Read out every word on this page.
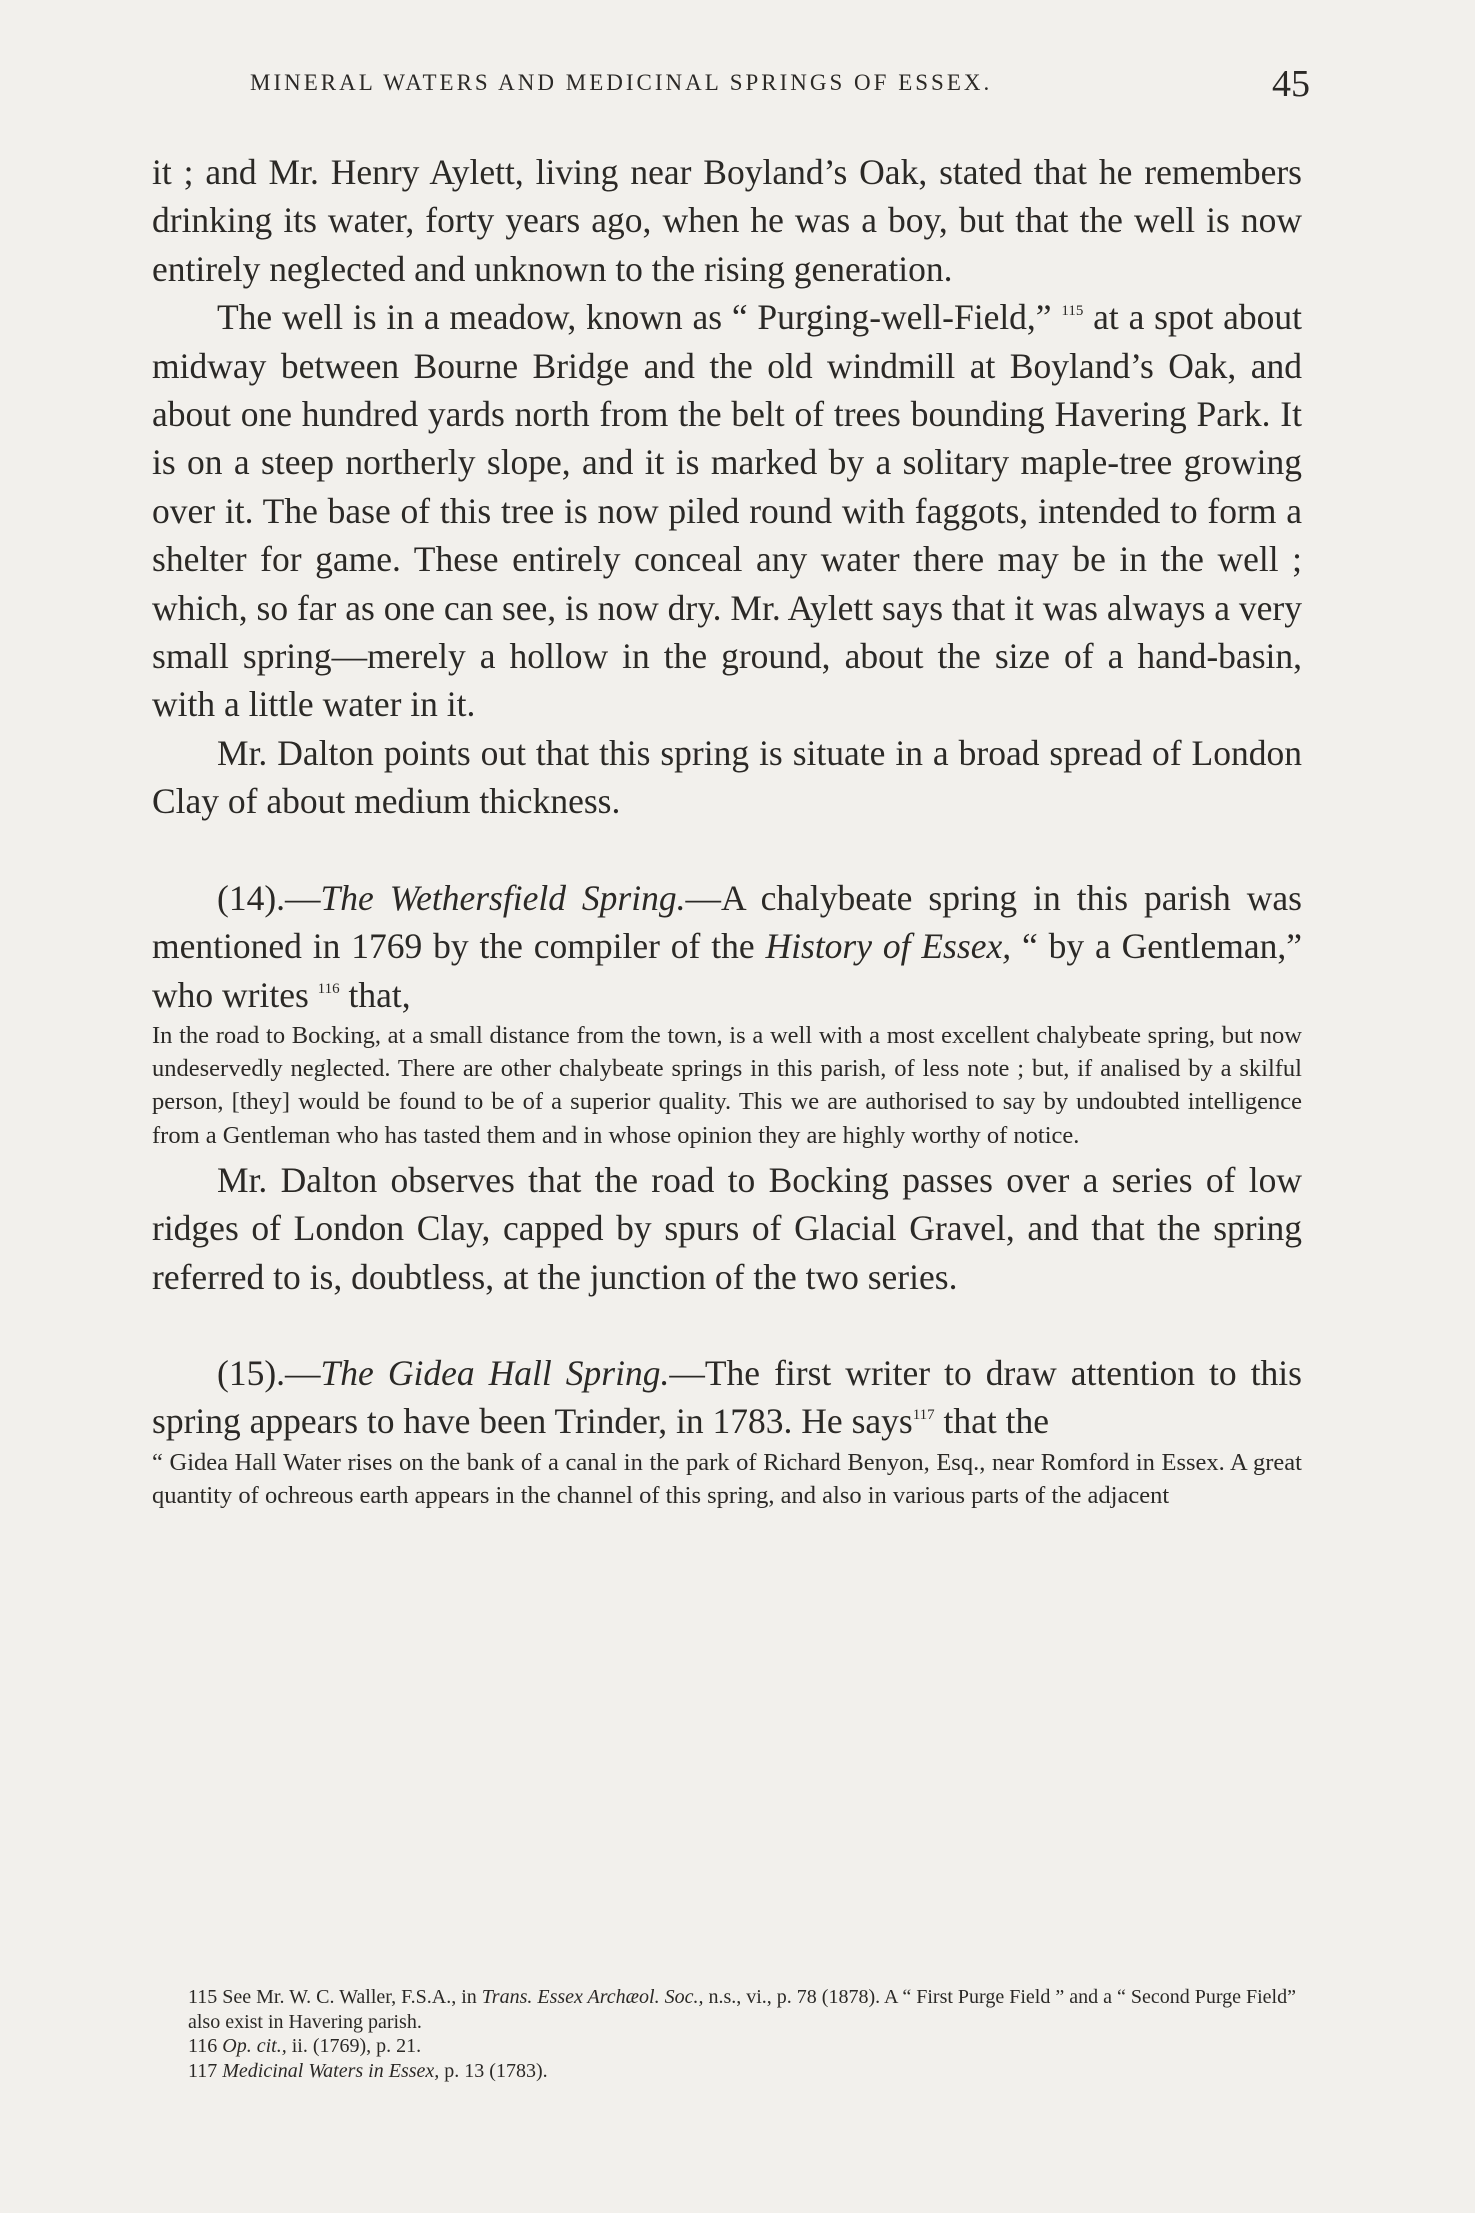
MINERAL WATERS AND MEDICINAL SPRINGS OF ESSEX.	45

it ; and Mr. Henry Aylett, living near Boyland’s Oak, stated that he remembers drinking its water, forty years ago, when he was a boy, but that the well is now entirely neglected and unknown to the rising generation.

The well is in a meadow, known as “ Purging-well-Field,” $^{115}$ at a spot about midway between Bourne Bridge and the old windmill at Boyland’s Oak, and about one hundred yards north from the belt of trees bounding Havering Park. It is on a steep northerly slope, and it is marked by a solitary maple-tree growing over it. The base of this tree is now piled round with faggots, intended to form a shelter for game. These entirely conceal any water there may be in the well ; which, so far as one can see, is now dry. Mr. Aylett says that it was always a very small spring—merely a hollow in the ground, about the size of a hand-basin, with a little water in it.

Mr. Dalton points out that this spring is situate in a broad spread of London Clay of about medium thickness.

(14).—The Wethersfield Spring.—A chalybeate spring in this parish was mentioned in 1769 by the compiler of the History of Essex, “ by a Gentleman,” who writes $^{116}$ that,

In the road to Bocking, at a small distance from the town, is a well with a most excellent chalybeate spring, but now undeservedly neglected. There are other chalybeate springs in this parish, of less note ; but, if analised by a skilful person, [they] would be found to be of a superior quality. This we are authorised to say by undoubted intelligence from a Gentleman who has tasted them and in whose opinion they are highly worthy of notice.

Mr. Dalton observes that the road to Bocking passes over a series of low ridges of London Clay, capped by spurs of Glacial Gravel, and that the spring referred to is, doubtless, at the junction of the two series.

(15).—The Gidea Hall Spring.—The first writer to draw attention to this spring appears to have been Trinder, in 1783. He says$^{117}$ that the

“ Gidea Hall Water rises on the bank of a canal in the park of Richard Benyon, Esq., near Romford in Essex. A great quantity of ochreous earth appears in the channel of this spring, and also in various parts of the adjacent

115 See Mr. W. C. Waller, F.S.A., in Trans. Essex Archæol. Soc., n.s., vi., p. 78 (1878). A “ First Purge Field ” and a “ Second Purge Field” also exist in Havering parish.

116 Op. cit., ii. (1769), p. 21.

117 Medicinal Waters in Essex, p. 13 (1783).
